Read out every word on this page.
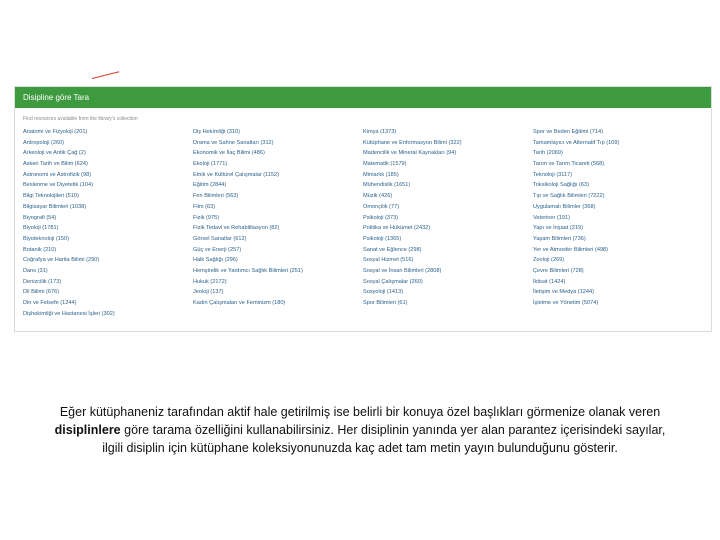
Disipline göre Tara
Find resources available from the library's collection
Anatomi ve Fizyoloji (201)
Antropoloji (260)
Arkeoloji ve Antik Çağ (2)
Askeri Tarih ve Bilim (624)
Astronomi ve Astrofizik (98)
Beslenme ve Diyetetik (104)
Bilgi Teknolojileri (510)
Bilgisayar Bilimleri (1038)
Biyografi (54)
Biyoloji (1781)
Biyoteknoloji (150)
Botanik (210)
Coğrafya ve Harita Bilimi (290)
Dans (31)
Denizcilik (173)
Dil Bilimi (676)
Din ve Felsefe (1244)
Dişhekimliği ve Hastanesi İşleri (302)
Diş Hekimliği (310)
Drama ve Sahne Sanatları (312)
Ekonomik ve İlaç Bilimi (486)
Ekoloji (1771)
Etnik ve Kültürel Çalışmalar (1152)
Eğitim (2844)
Fen Bilimleri (563)
Film (63)
Fizik (975)
Fizik Tedavi ve Rehabilitasyon (82)
Görsel Sanatlar (612)
Güç ve Enerji (257)
Halk Sağlığı (296)
Hemşirelik ve Yardımcı Sağlık Bilimleri (251)
Hukuk (2172)
Jeoloji (137)
Kadın Çalışmaları ve Feminizm (180)
Kimya (1373)
Kütüphane ve Enformasyon Bilimi (322)
Madencilik ve Mineral Kaynakları (94)
Matematik (1579)
Mimarlık (185)
Mühendislik (1651)
Müzik (426)
Omonçilik (77)
Psikoloji (373)
Politika ve Hükümet (2432)
Psikoloji (1365)
Sanat ve Eğlence (298)
Sosyal Hizmet (516)
Sosyal ve İnsan Bilimleri (2808)
Sosyal Çalışmalar (260)
Sosyoloji (1413)
Spor Bilimleri (61)
Spor ve Beden Eğitimi (714)
Tamamlayıcı ve Alternatif Tıp (109)
Tarih (2069)
Tarım ve Tarım Ticareti (568)
Teknoloji (3117)
Toksikoloji Sağlığı (63)
Tıp ve Sağlık Bilimleri (7222)
Uygulamalı Bilimler (368)
Veteriner (191)
Yapı ve İnşaat (219)
Yaşam Bilimleri (736)
Yer ve Atmosfer Bilimleri (498)
Zooloji (269)
Çevre Bilimleri (728)
İktisat (1424)
İletişim ve Medya (1244)
İşletme ve Yönetim (5074)
Eğer kütüphaneniz tarafından aktif hale getirilmiş ise belirli bir konuya özel başlıkları görmenize olanak veren
disiplinlere göre tarama özelliğini kullanabilirsiniz. Her disiplinin yanında yer alan parantez içerisindeki sayılar,
ilgili disiplin için kütüphane koleksiyonunuzda kaç adet tam metin yayın bulunduğunu gösterir.
